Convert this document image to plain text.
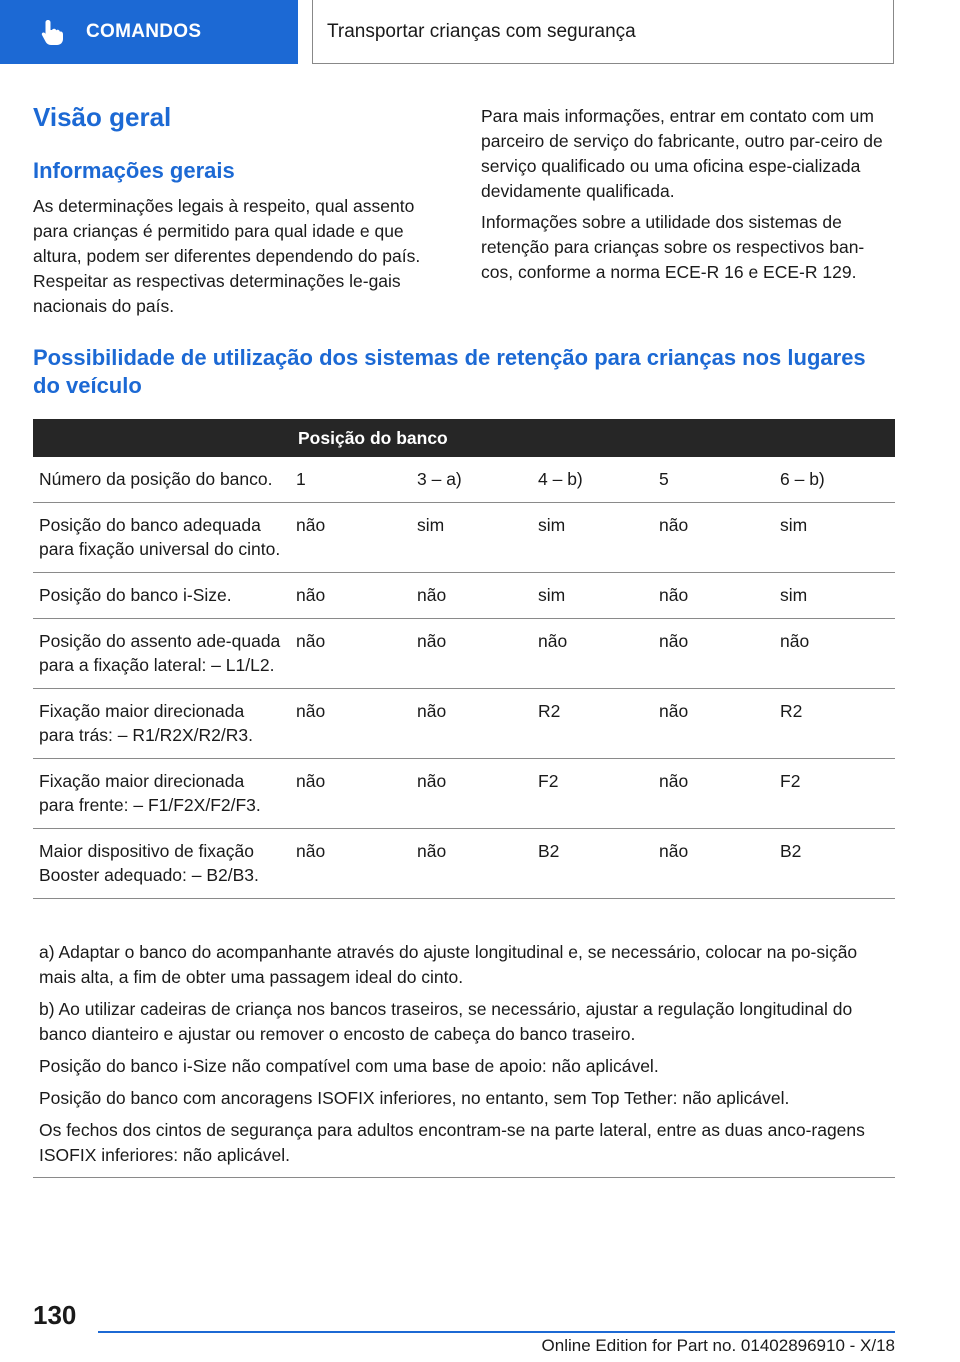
COMANDOS	Transportar crianças com segurança
Visão geral
Informações gerais

As determinações legais à respeito, qual assento para crianças é permitido para qual idade e que altura, podem ser diferentes dependendo do país. Respeitar as respectivas determinações le-gais nacionais do país.

Para mais informações, entrar em contato com um parceiro de serviço do fabricante, outro par-ceiro de serviço qualificado ou uma oficina espe-cializada devidamente qualificada.

Informações sobre a utilidade dos sistemas de retenção para crianças sobre os respectivos ban-cos, conforme a norma ECE-R 16 e ECE-R 129.

Possibilidade de utilização dos sistemas de retenção para crianças nos lugares do veículo
	Posição do banco				
Número da posição do banco.	1	3 – a)	4 – b)	5	6 – b)
Posição do banco adequada para fixação universal do cinto.	não	sim	sim	não	sim
Posição do banco i-Size.	não	não	sim	não	sim
Posição do assento ade-quada para a fixação lateral: – L1/L2.	não	não	não	não	não
Fixação maior direcionada para trás: – R1/R2X/R2/R3.	não	não	R2	não	R2
Fixação maior direcionada para frente: – F1/F2X/F2/F3.	não	não	F2	não	F2
Maior dispositivo de fixação Booster adequado: – B2/B3.	não	não	B2	não	B2

a) Adaptar o banco do acompanhante através do ajuste longitudinal e, se necessário, colocar na po-sição mais alta, a fim de obter uma passagem ideal do cinto.

b) Ao utilizar cadeiras de criança nos bancos traseiros, se necessário, ajustar a regulação longitudinal do banco dianteiro e ajustar ou remover o encosto de cabeça do banco traseiro.

Posição do banco i-Size não compatível com uma base de apoio: não aplicável.

Posição do banco com ancoragens ISOFIX inferiores, no entanto, sem Top Tether: não aplicável.

Os fechos dos cintos de segurança para adultos encontram-se na parte lateral, entre as duas anco-ragens ISOFIX inferiores: não aplicável.

130
Online Edition for Part no. 01402896910 - X/18
